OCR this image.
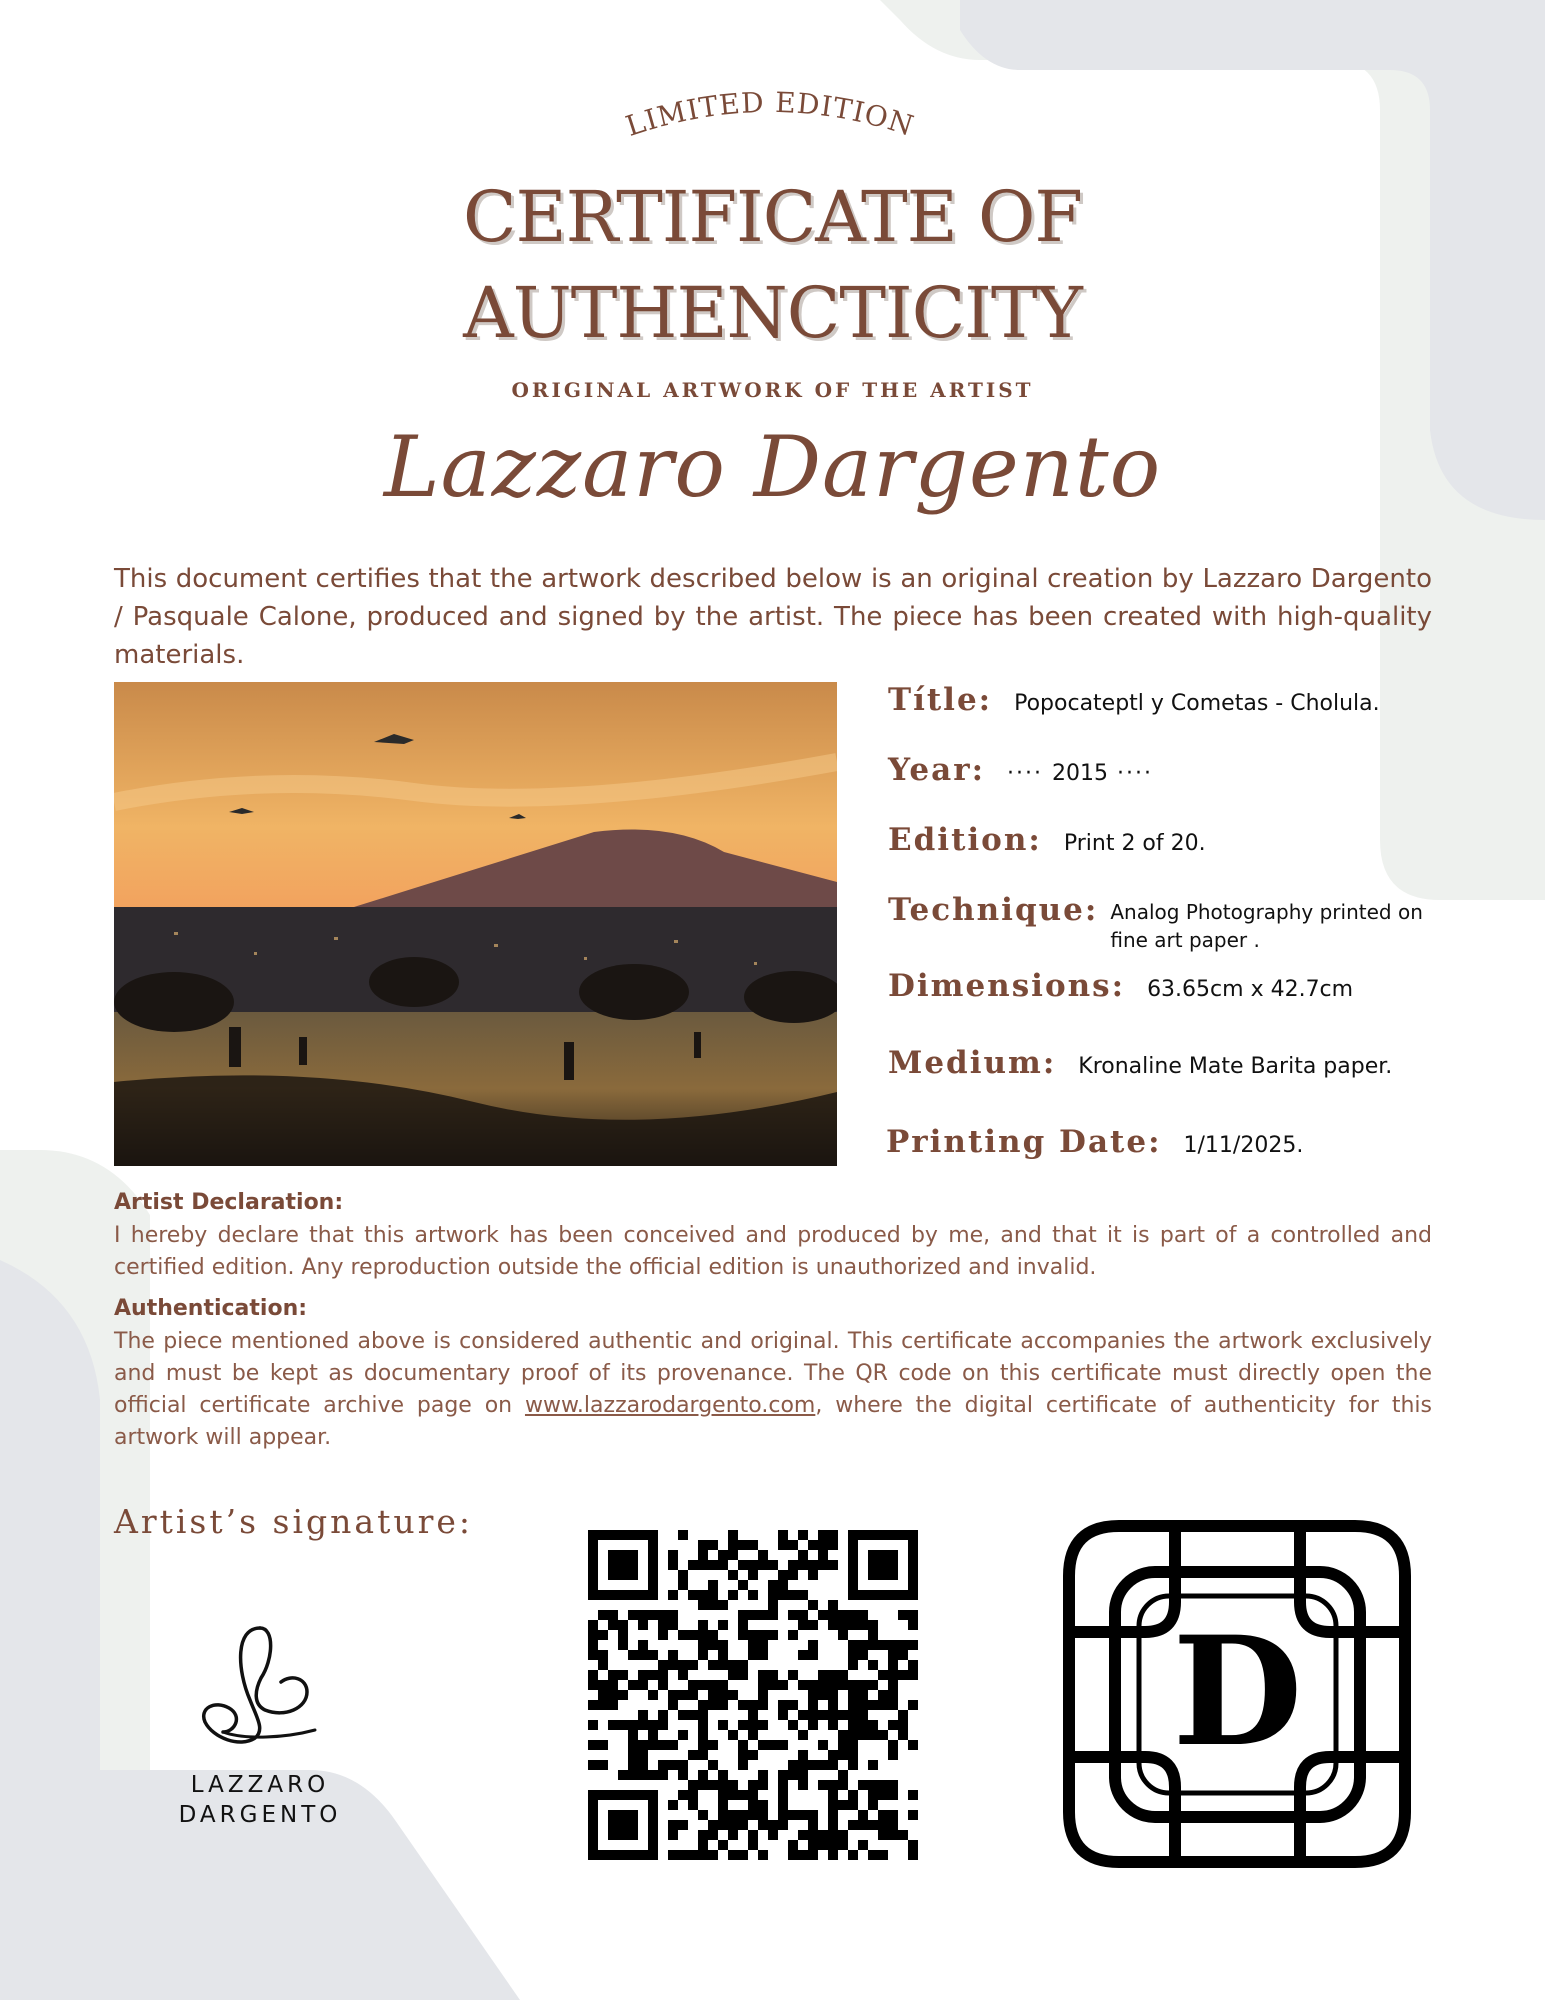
LIMITED EDITION
CERTIFICATE OF
AUTHENCTICITY
ORIGINAL ARTWORK OF THE ARTIST
Lazzaro Dargento
This document certifies that the artwork described below is an original creation by Lazzaro Dargento / Pasquale Calone, produced and signed by the artist. The piece has been created with high-quality materials.
Títle: Popocateptl y Cometas - Cholula.
Year: ···· 2015 ····
Edition: Print 2 of 20.
Technique: Analog Photography printed on fine art paper .
Dimensions: 63.65cm x 42.7cm
Medium: Kronaline Mate Barita paper.
Printing Date: 1/11/2025.
Artist Declaration:
I hereby declare that this artwork has been conceived and produced by me, and that it is part of a controlled and certified edition. Any reproduction outside the official edition is unauthorized and invalid.
Authentication:
The piece mentioned above is considered authentic and original. This certificate accompanies the artwork exclusively and must be kept as documentary proof of its provenance. The QR code on this certificate must directly open the official certificate archive page on www.lazzarodargento.com, where the digital certificate of authenticity for this artwork will appear.
Artist’s signature:
LAZZARO
DARGENTO
D
